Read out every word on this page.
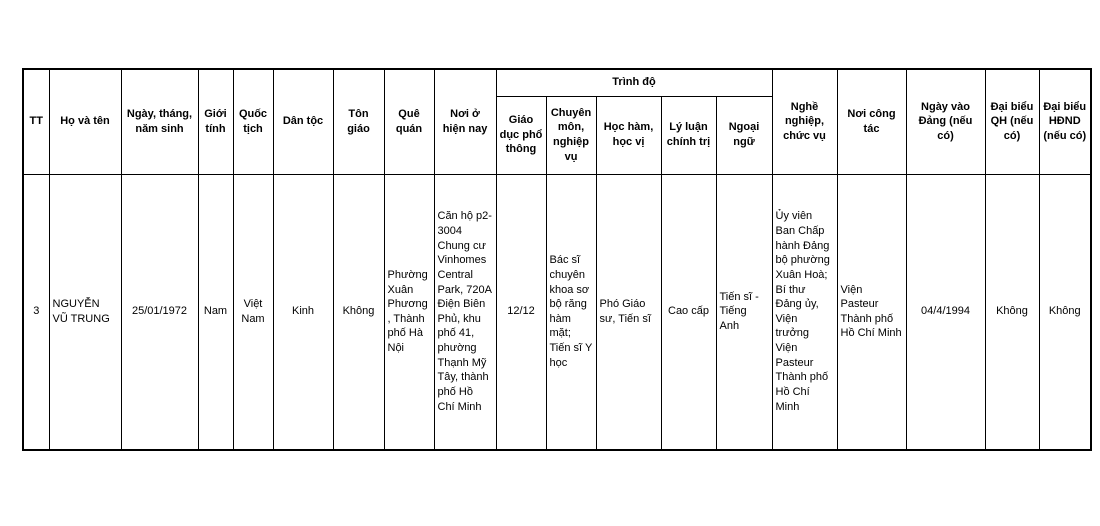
TT	Họ và tên	Ngày, tháng, năm sinh	Giới tính	Quốc tịch	Dân tộc	Tôn giáo	Quê quán	Nơi ở hiện nay	Trình độ					Nghề nghiệp, chức vụ	Nơi công tác	Ngày vào Đảng (nếu có)	Đại biểu QH (nếu có)	Đại biểu HĐND (nếu có)
									Giáo dục phổ thông	Chuyên môn, nghiệp vụ	Học hàm, học vị	Lý luận chính trị	Ngoại ngữ					
3	NGUYỄN VŨ TRUNG	25/01/1972	Nam	Việt Nam	Kinh	Không	Phường Xuân Phương, Thành phố Hà Nội	Căn hộ p2-3004 Chung cư Vinhomes Central Park, 720A Điện Biên Phủ, khu phố 41, phường Thạnh Mỹ Tây, thành phố Hồ Chí Minh	12/12	Bác sĩ chuyên khoa sơ bộ răng hàm mặt; Tiến sĩ Y học	Phó Giáo sư, Tiến sĩ	Cao cấp	Tiến sĩ - Tiếng Anh	Ủy viên Ban Chấp hành Đảng bộ phường Xuân Hoà; Bí thư Đảng ủy, Viện trưởng Viện Pasteur Thành phố Hồ Chí Minh	Viện Pasteur Thành phố Hồ Chí Minh	04/4/1994	Không	Không
